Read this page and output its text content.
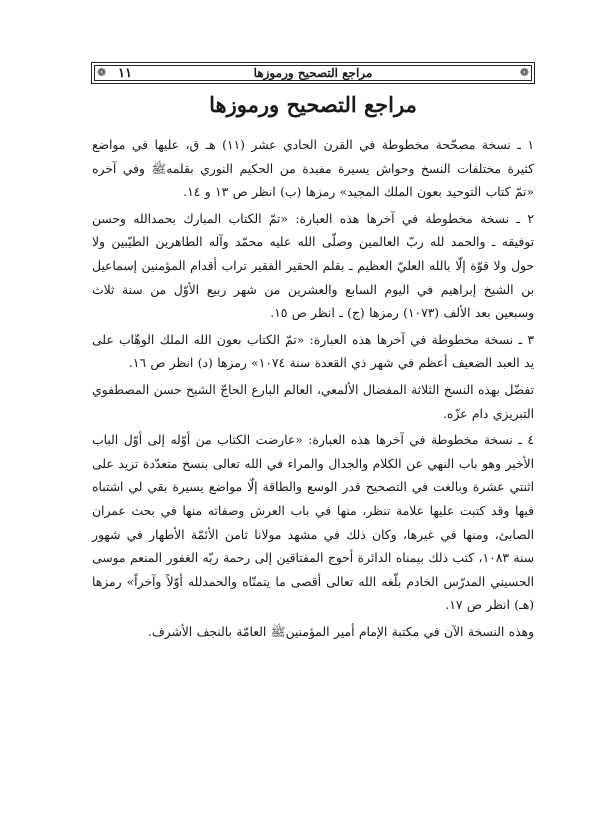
❁
مراجع التصحيح ورموزها
١١
❁
مراجع التصحيح ورموزها

١ ـ نسخة مصحّحة مخطوطة في القرن الحادي عشر (١١) هـ ق، عليها في مواضع كثيرة مختلفات النسخ وحواش يسيرة مفيدة من الحكيم النوري بقلمهﷺ وفي آخره «تمّ كتاب التوحيد بعون الملك المجيد» رمزها (ب) انظر ص ١٣ و ١٤.

٢ ـ نسخة مخطوطة في آخرها هذه العبارة: «تمّ الكتاب المبارك بحمدالله وحسن توفيقه ـ والحمد لله ربّ العالمين وصلّى الله عليه محمّد وآله الطاهرين الطيّبين ولا حول ولا قوّة إلّا بالله العليّ العظيم ـ بقلم الحقير الفقير تراب أقدام المؤمنين إسماعيل بن الشيخ إبراهيم في اليوم السابع والعشرين من شهر ربيع الأوّل من سنة ثلاث وسبعين بعد الألف (١٠٧٣) رمزها (ج) ـ انظر ص ١٥.

٣ ـ نسخة مخطوطة في آخرها هذه العبارة: «تمّ الكتاب بعون الله الملك الوهّاب على يد العبد الضعيف أعظم في شهر ذي القعدة سنة ١٠٧٤» رمزها (د) انظر ص ١٦.

تفضّل بهذه النسخ الثلاثة المفضال الألمعي، العالم البارع الحاجّ الشيخ حسن المصطفوي التبريزي دام عزّه.

٤ ـ نسخة مخطوطة في آخرها هذه العبارة: «عارضت الكتاب من أوّله إلى أوّل الباب الأخير وهو باب النهي عن الكلام والجدال والمراء في الله تعالى بنسخ متعدّدة تزيد على اثنتي عشرة وبالغت في التصحيح قدر الوسع والطاقة إلّا مواضع يسيرة بقي لي اشتباه فيها وقد كتبت عليها علامة تنظر، منها في باب العرش وصفاته منها في بحث عمران الصابئ، ومنها في غيرها، وكان ذلك في مشهد مولانا ثامن الأئمّة الأطهار في شهور سنة ١٠٨٣، كتب ذلك بيمناه الدائرة أحوج المفتاقين إلى رحمة ربّه الغفور المنعم موسى الحسيني المدرّس الخادم بلّغه الله تعالى أقصى ما يتمنّاه والحمدلله أوّلاً وآخراً» رمزها (هـ) انظر ص ١٧.

وهذه النسخة الآن في مكتبة الإمام أمير المؤمنينﷺ العامّة بالنجف الأشرف.
